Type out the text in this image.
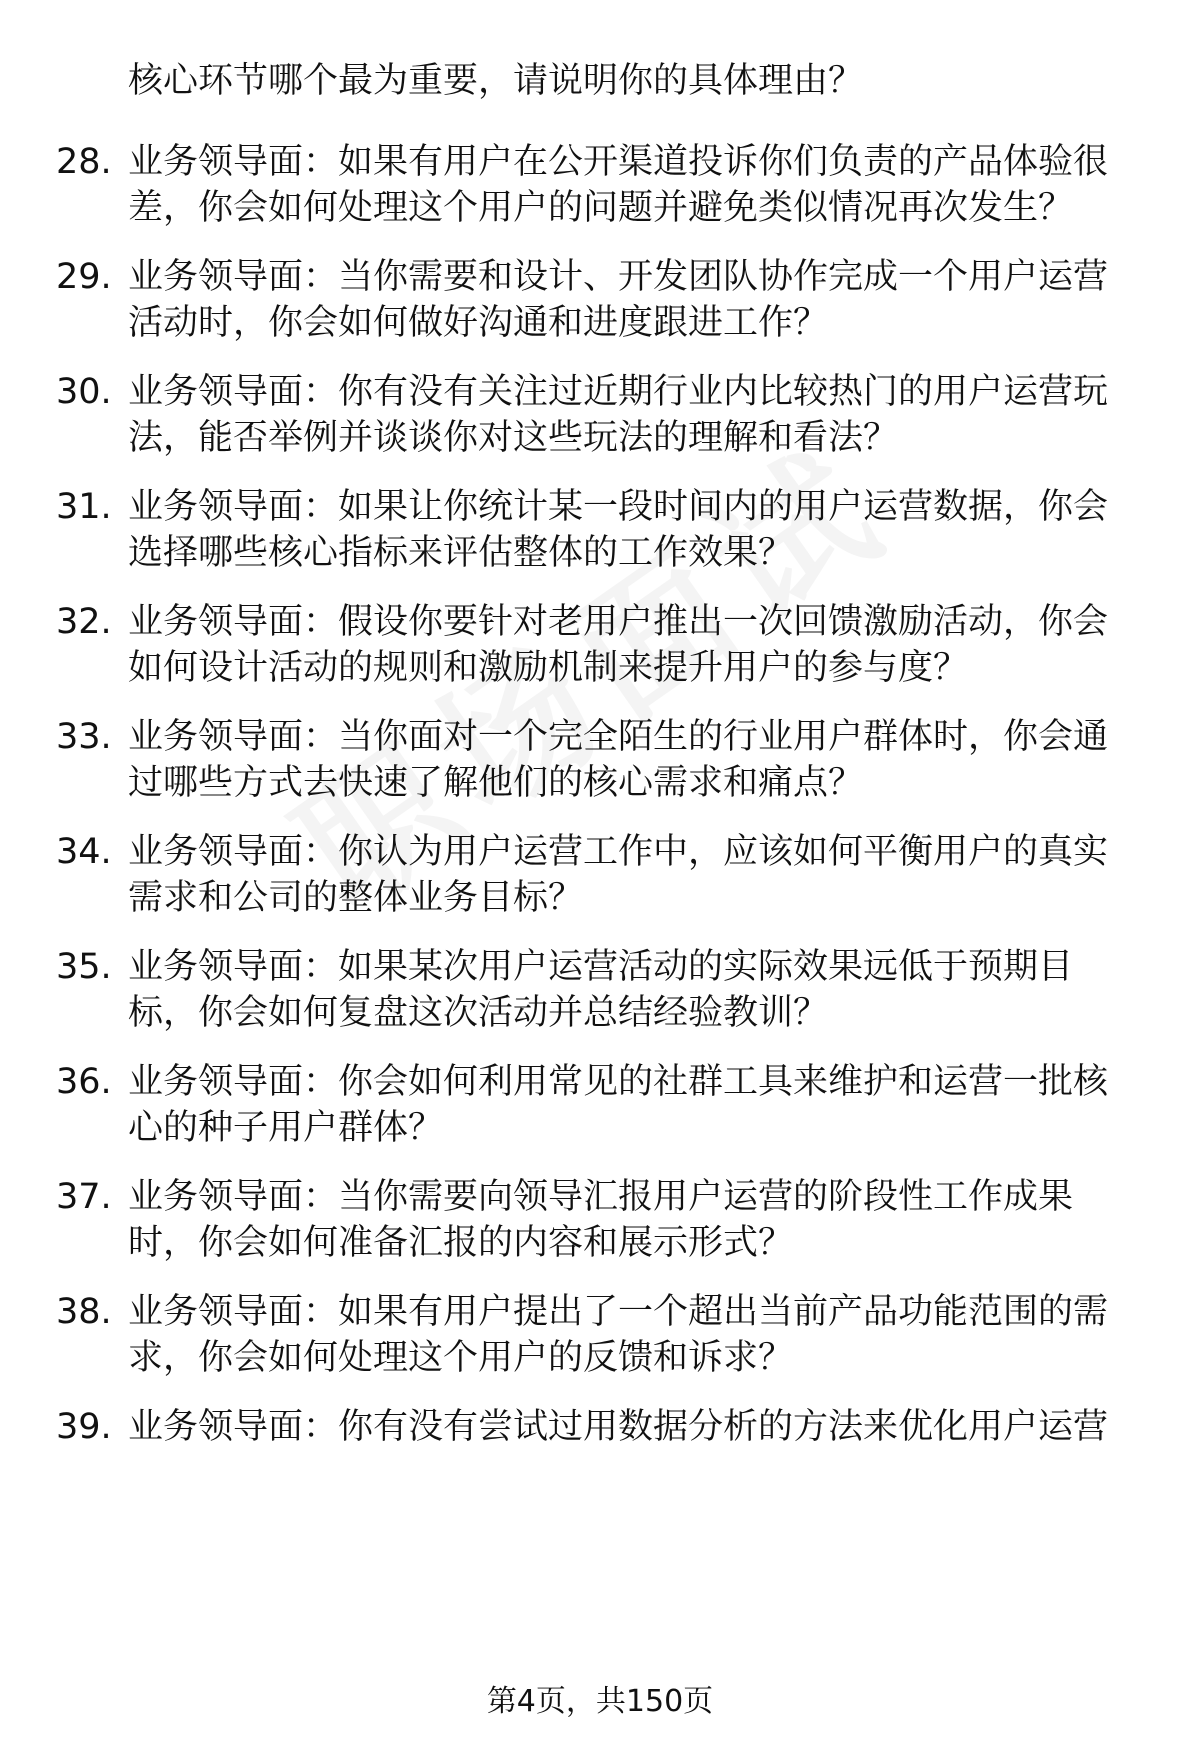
核心环节哪个最为重要，请说明你的具体理由？
28. 业务领导面：如果有用户在公开渠道投诉你们负责的产品体验很差，你会如何处理这个用户的问题并避免类似情况再次发生？
29. 业务领导面：当你需要和设计、开发团队协作完成一个用户运营活动时，你会如何做好沟通和进度跟进工作？
30. 业务领导面：你有没有关注过近期行业内比较热门的用户运营玩法，能否举例并谈谈你对这些玩法的理解和看法？
31. 业务领导面：如果让你统计某一段时间内的用户运营数据，你会选择哪些核心指标来评估整体的工作效果？
32. 业务领导面：假设你要针对老用户推出一次回馈激励活动，你会如何设计活动的规则和激励机制来提升用户的参与度？
33. 业务领导面：当你面对一个完全陌生的行业用户群体时，你会通过哪些方式去快速了解他们的核心需求和痛点？
34. 业务领导面：你认为用户运营工作中，应该如何平衡用户的真实需求和公司的整体业务目标？
35. 业务领导面：如果某次用户运营活动的实际效果远低于预期目标，你会如何复盘这次活动并总结经验教训？
36. 业务领导面：你会如何利用常见的社群工具来维护和运营一批核心的种子用户群体？
37. 业务领导面：当你需要向领导汇报用户运营的阶段性工作成果时，你会如何准备汇报的内容和展示形式？
38. 业务领导面：如果有用户提出了一个超出当前产品功能范围的需求，你会如何处理这个用户的反馈和诉求？
39. 业务领导面：你有没有尝试过用数据分析的方法来优化用户运营
第4页，共150页
